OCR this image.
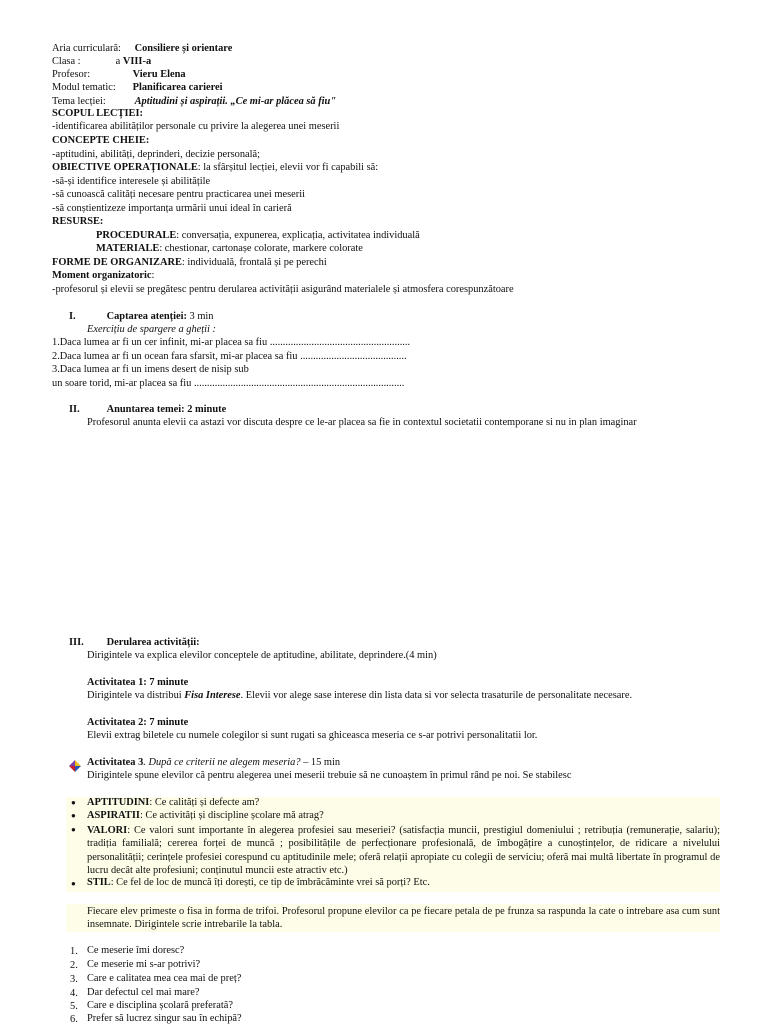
Aria curriculară: Consiliere și orientare
Clasa :	a VIII-a
Profesor:	Vieru Elena
Modul tematic: Planificarea carierei
Tema lecției:	Aptitudini și aspirații. „Ce mi-ar plăcea să fiu"
SCOPUL LECȚIEI:
-identificarea abilităților personale cu privire la alegerea unei meserii
CONCEPTE CHEIE:
-aptitudini, abilități, deprinderi, decizie personală;
OBIECTIVE OPERAȚIONALE: la sfârșitul lecției, elevii vor fi capabili să:
-să-și identifice interesele și abilitățile
-să cunoască calități necesare pentru practicarea unei meserii
-să conștientizeze importanța urmării unui ideal în carieră
RESURSE:
PROCEDURALE: conversația, expunerea, explicația, activitatea individuală
MATERIALE: chestionar, cartonașe colorate, markere colorate
FORME DE ORGANIZARE: individuală, frontală și pe perechi
Moment organizatoric:
-profesorul și elevii se pregătesc pentru derularea activității asigurând materialele și atmosfera corespunzătoare
I.	Captarea atenției: 3 min
Exercițiu de spargere a gheții :
1.Daca lumea ar fi un cer infinit, mi-ar placea sa fiu ......................................................
2.Daca lumea ar fi un ocean fara sfarsit, mi-ar placea sa fiu .........................................
3.Daca lumea ar fi un imens desert de nisip sub
un soare torid, mi-ar placea sa fiu .................................................................................
II.	Anuntarea temei: 2 minute
Profesorul anunta elevii ca astazi vor discuta despre ce le-ar placea sa fie in contextul societatii contemporane si nu in plan imaginar
III. Derularea activității:
Dirigintele va explica elevilor conceptele de aptitudine, abilitate, deprindere.(4 min)
Activitatea 1: 7 minute
Dirigintele va distribui Fisa Interese. Elevii vor alege sase interese din lista data si vor selecta trasaturile de personalitate necesare.
Activitatea 2: 7 minute
Elevii extrag biletele cu numele colegilor si sunt rugati sa ghiceasca meseria ce s-ar potrivi personalitatii lor.
Activitatea 3. După ce criterii ne alegem meseria? – 15 min
Dirigintele spune elevilor că pentru alegerea unei meserii trebuie să ne cunoaștem în primul rând pe noi. Se stabilesc
● APTITUDINI: Ce calități și defecte am?
● ASPIRATII: Ce activități și discipline școlare mă atrag?
● VALORI: Ce valori sunt importante în alegerea profesiei sau meseriei? (satisfacția muncii, prestigiul domeniului ; retribuția (remunerație, salariu); tradiția familială; cererea forței de muncă ; posibilitățile de perfecționare profesională, de îmbogățire a cunoștințelor, de ridicare a nivelului personalității; cerințele profesiei corespund cu aptitudinile mele; oferă relații apropiate cu colegii de serviciu; oferă mai multă libertate în programul de lucru decât alte profesiuni; conținutul muncii este atractiv etc.)
● STIL: Ce fel de loc de muncă îți dorești, ce tip de îmbrăcăminte vrei să porți? Etc.
Fiecare elev primeste o fisa in forma de trifoi. Profesorul propune elevilor ca pe fiecare petala de pe frunza sa raspunda la cate o intrebare asa cum sunt insemnate. Dirigintele scrie intrebarile la tabla.
1. Ce meserie îmi doresc?
2. Ce meserie mi s-ar potrivi?
3. Care e calitatea mea cea mai de preț?
4. Dar defectul cel mai mare?
5. Care e disciplina școlară preferată?
6. Prefer să lucrez singur sau în echipă?
